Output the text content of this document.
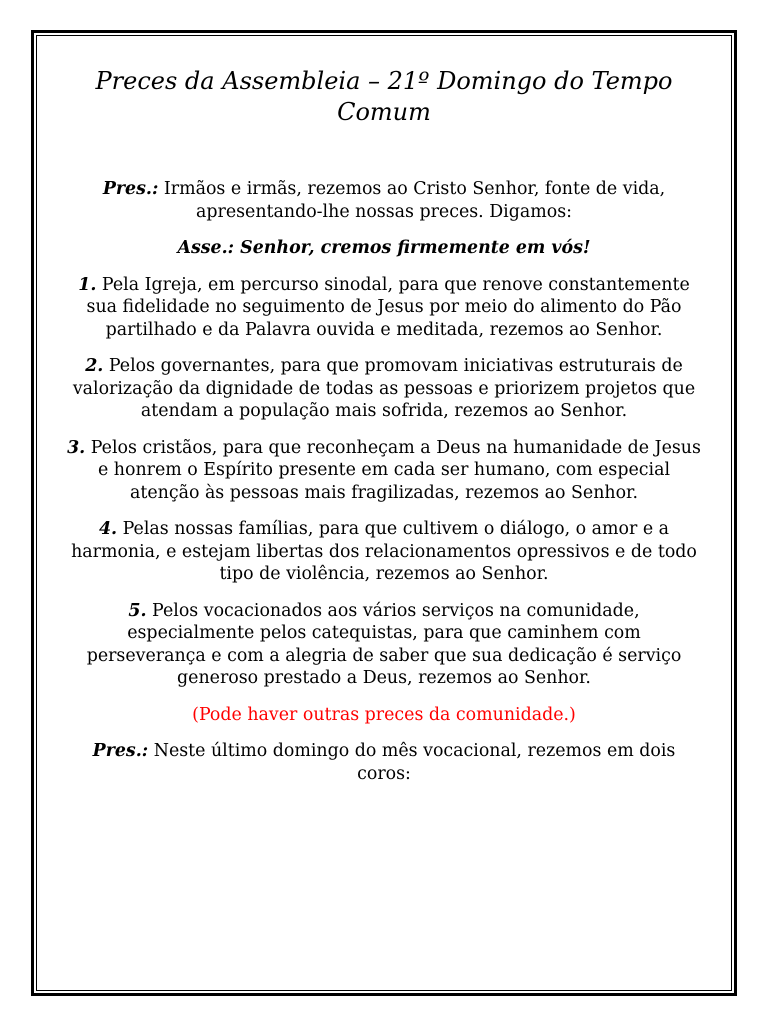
Preces da Assembleia – 21º Domingo do Tempo Comum

Pres.: Irmãos e irmãs, rezemos ao Cristo Senhor, fonte de vida, apresentando-lhe nossas preces. Digamos:

Asse.: Senhor, cremos firmemente em vós!

1. Pela Igreja, em percurso sinodal, para que renove constantemente sua fidelidade no seguimento de Jesus por meio do alimento do Pão partilhado e da Palavra ouvida e meditada, rezemos ao Senhor.

2. Pelos governantes, para que promovam iniciativas estruturais de valorização da dignidade de todas as pessoas e priorizem projetos que atendam a população mais sofrida, rezemos ao Senhor.

3. Pelos cristãos, para que reconheçam a Deus na humanidade de Jesus e honrem o Espírito presente em cada ser humano, com especial atenção às pessoas mais fragilizadas, rezemos ao Senhor.

4. Pelas nossas famílias, para que cultivem o diálogo, o amor e a harmonia, e estejam libertas dos relacionamentos opressivos e de todo tipo de violência, rezemos ao Senhor.

5. Pelos vocacionados aos vários serviços na comunidade, especialmente pelos catequistas, para que caminhem com perseverança e com a alegria de saber que sua dedicação é serviço generoso prestado a Deus, rezemos ao Senhor.

(Pode haver outras preces da comunidade.)

Pres.: Neste último domingo do mês vocacional, rezemos em dois coros:
